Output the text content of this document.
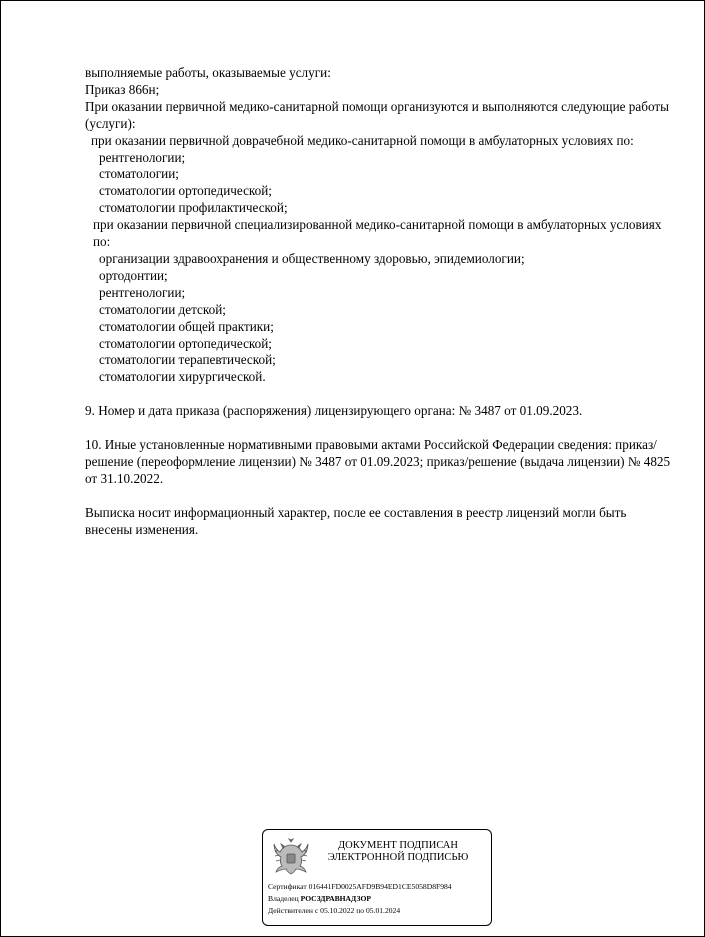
выполняемые работы, оказываемые услуги:

Приказ 866н;

При оказании первичной медико-санитарной помощи организуются и выполняются следующие работы (услуги):

при оказании первичной доврачебной медико-санитарной помощи в амбулаторных условиях по:

рентгенологии;

стоматологии;

стоматологии ортопедической;

стоматологии профилактической;

при оказании первичной специализированной медико-санитарной помощи в амбулаторных условиях по:

организации здравоохранения и общественному здоровью, эпидемиологии;

ортодонтии;

рентгенологии;

стоматологии детской;

стоматологии общей практики;

стоматологии ортопедической;

стоматологии терапевтической;

стоматологии хирургической.

9. Номер и дата приказа (распоряжения) лицензирующего органа: № 3487 от 01.09.2023.

10. Иные установленные нормативными правовыми актами Российской Федерации сведения: приказ/решение (переоформление лицензии) № 3487 от 01.09.2023; приказ/решение (выдача лицензии) № 4825 от 31.10.2022.

Выписка носит информационный характер, после ее составления в реестр лицензий могли быть внесены изменения.

ДОКУМЕНТ ПОДПИСАН
ЭЛЕКТРОННОЙ ПОДПИСЬЮ
Сертификат 016441FD0025AFD9B94ED1CE5058D8F984
Владелец РОСЗДРАВНАДЗОР
Действителен с 05.10.2022 по 05.01.2024
